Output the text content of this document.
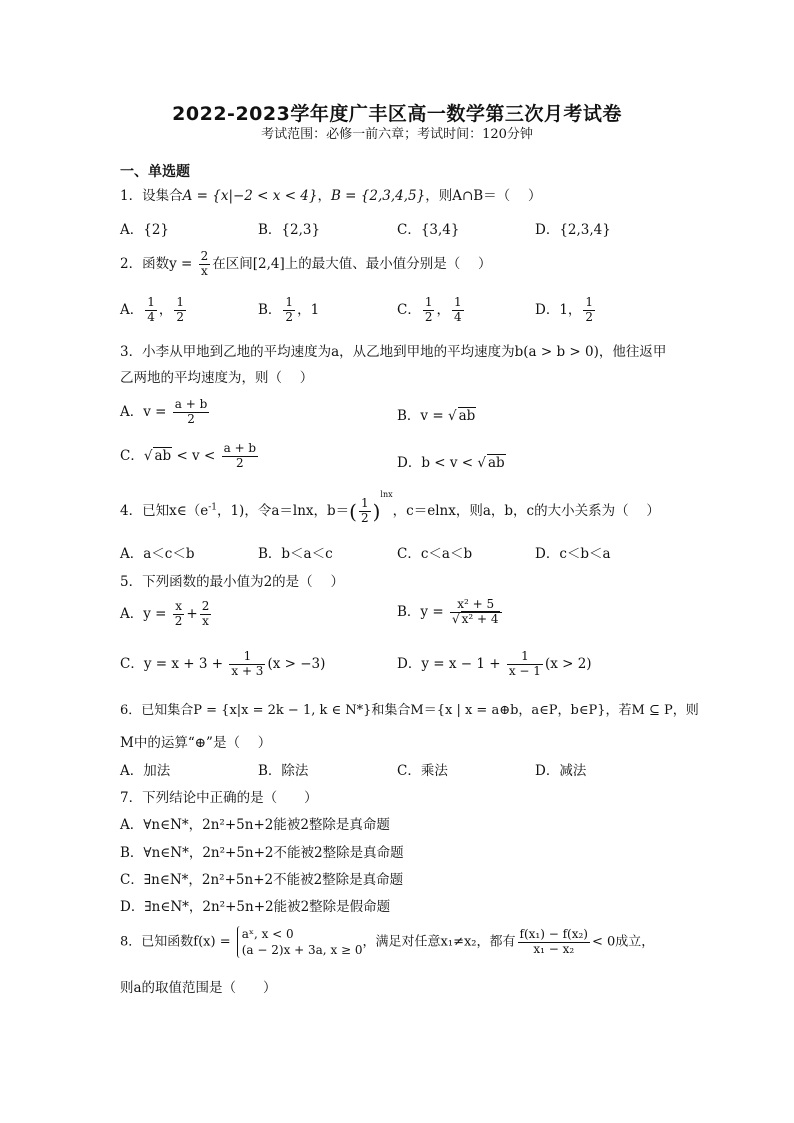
2022-2023学年度广丰区高一数学第三次月考试卷
考试范围：必修一前六章；考试时间：120分钟
一、单选题
1．设集合A = {x|−2 < x < 4}，B = {2,3,4,5}，则A∩B＝（　 ）
A．{2}	B．{2,3}	C．{3,4}	D．{2,3,4}
2．函数$y = \frac{2}{x}$ 在区间[2,4]上的最大值、最小值分别是（　 ）
A． $\frac{1}{4}$ ， $\frac{1}{2}$	B． $\frac{1}{2}$ ，1	C． $\frac{1}{2}$ ， $\frac{1}{4}$	D．1， $\frac{1}{2}$
3．小李从甲地到乙地的平均速度为a，从乙地到甲地的平均速度为b(a > b > 0)，他往返甲
乙两地的平均速度为，则（　 ）
A．$v = \frac{a + b}{2}$	B．v = √ ab
C．√ ab < $v < \frac{a + b}{2}$	D．b < v < √ ab
4．已知$x\in(e^{-1}$，1)，令a＝lnx，$b=( \frac{1}{2} )^{lnx}$，c＝elnx，则a，b，c的大小关系为（　 ）
A．a＜c＜b	B．b＜a＜c	C．c＜a＜b	D．c＜b＜a
5．下列函数的最小值为2的是（　 ）
A．$y = \frac{x}{2} + \frac{2}{x}$	B．$y = \frac{\text{x² + 5}}{\text{√ x² + 4}}$
C．$y = x + 3 + \frac{1}{x + 3} (x > -3)$	D．$y = x - 1 + \frac{1}{x - 1} (x > 2)$
6．已知集合P = {x|x = 2k − 1, k ∈ N*}和集合M＝{x | x = a⊕b，a∈P，b∈P}，若M ⊆ P，则
M中的运算“⊕”是（　 ）
A．加法	B．除法	C．乘法	D．减法
7．下列结论中正确的是（　　）
A．∀n∈N*，2n²+5n+2能被2整除是真命题
B．∀n∈N*，2n²+5n+2不能被2整除是真命题
C．∃n∈N*，2n²+5n+2不能被2整除是真命题
D．∃n∈N*，2n²+5n+2能被2整除是假命题
8．已知函数f(x) =
aˣ, x < 0
(a − 2)x + 3a, x ≥ 0
，满足对任意x₁≠x₂，都有 $\frac{\text{f(x₁) − f(x₂)}}{\text{x₁ − x₂}} < 0$成立，
则a的取值范围是（　　）
